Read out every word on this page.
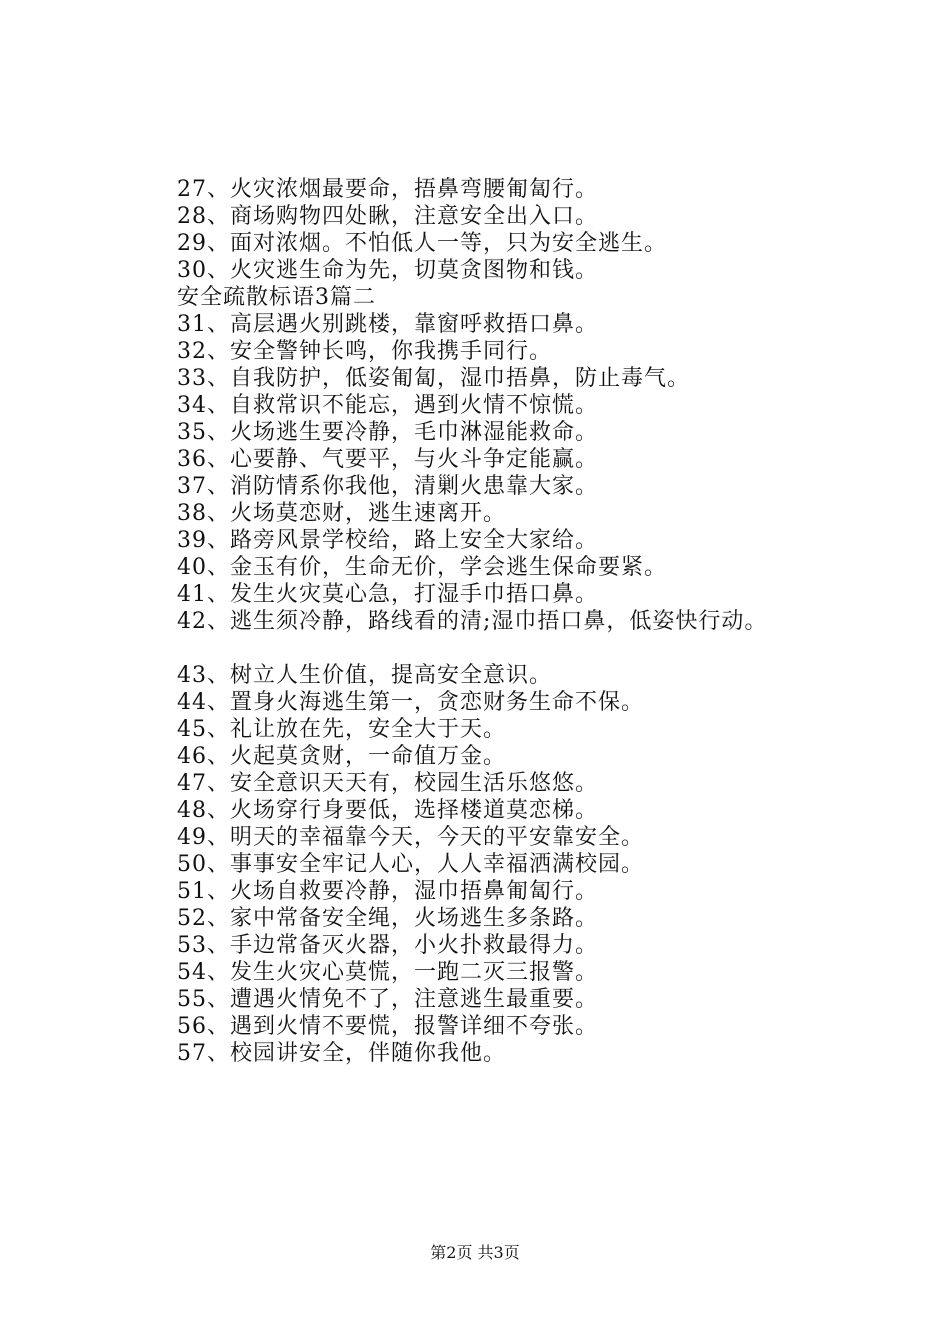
27、火灾浓烟最要命，捂鼻弯腰匍匐行。
28、商场购物四处瞅，注意安全出入口。
29、面对浓烟。不怕低人一等，只为安全逃生。
30、火灾逃生命为先，切莫贪图物和钱。
安全疏散标语3篇二
31、高层遇火别跳楼，靠窗呼救捂口鼻。
32、安全警钟长鸣，你我携手同行。
33、自我防护，低姿匍匐，湿巾捂鼻，防止毒气。
34、自救常识不能忘，遇到火情不惊慌。
35、火场逃生要冷静，毛巾淋湿能救命。
36、心要静、气要平，与火斗争定能赢。
37、消防情系你我他，清剿火患靠大家。
38、火场莫恋财，逃生速离开。
39、路旁风景学校给，路上安全大家给。
40、金玉有价，生命无价，学会逃生保命要紧。
41、发生火灾莫心急，打湿手巾捂口鼻。
42、逃生须冷静，路线看的清;湿巾捂口鼻，低姿快行动。
43、树立人生价值，提高安全意识。
44、置身火海逃生第一，贪恋财务生命不保。
45、礼让放在先，安全大于天。
46、火起莫贪财，一命值万金。
47、安全意识天天有，校园生活乐悠悠。
48、火场穿行身要低，选择楼道莫恋梯。
49、明天的幸福靠今天，今天的平安靠安全。
50、事事安全牢记人心，人人幸福洒满校园。
51、火场自救要冷静，湿巾捂鼻匍匐行。
52、家中常备安全绳，火场逃生多条路。
53、手边常备灭火器，小火扑救最得力。
54、发生火灾心莫慌，一跑二灭三报警。
55、遭遇火情免不了，注意逃生最重要。
56、遇到火情不要慌，报警详细不夸张。
57、校园讲安全，伴随你我他。
第2页 共3页
